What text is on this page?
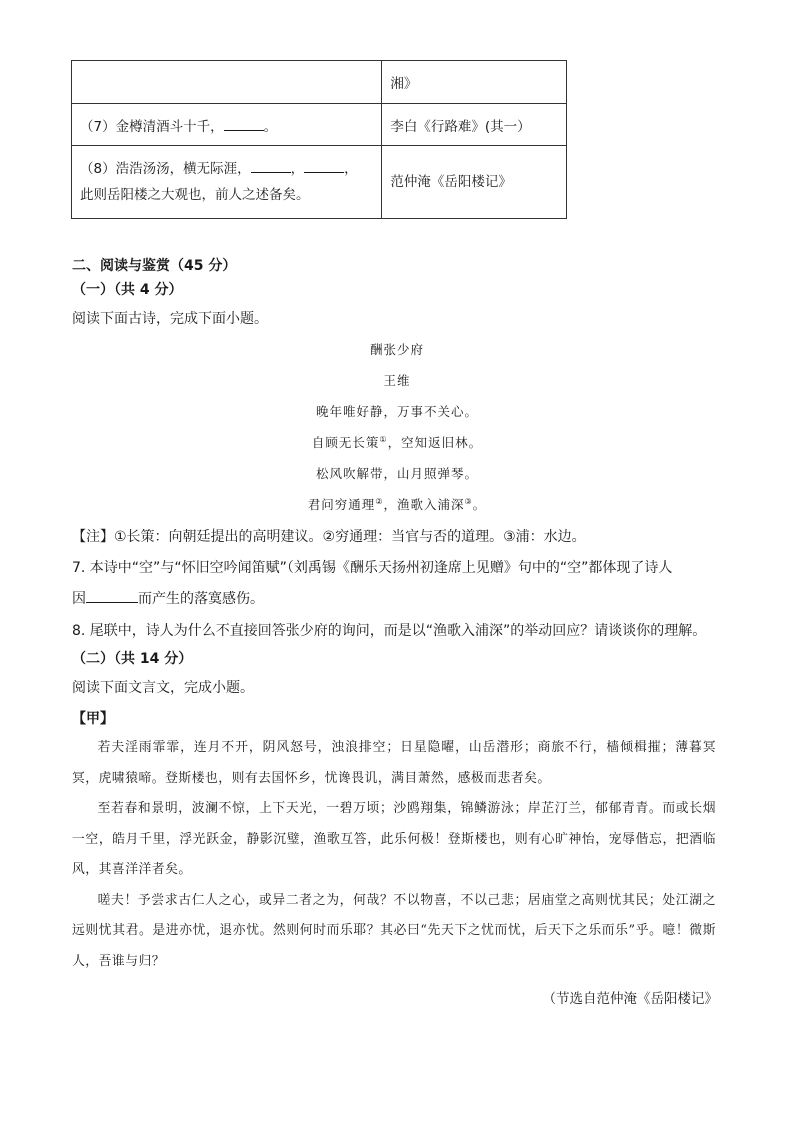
	湘》
（7）金樽清酒斗十千， 。	李白《行路难》(其一）
（8）浩浩汤汤，横无际涯， ， ，
此则岳阳楼之大观也，前人之述备矣。	范仲淹《岳阳楼记》
二、阅读与鉴赏（45 分）
（一）（共 4 分）
阅读下面古诗，完成下面小题。
酬张少府
王维
晚年唯好静，万事不关心。
自顾无长策①，空知返旧林。
松风吹解带，山月照弹琴。
君问穷通理②，渔歌入浦深③。
【注】①长策：向朝廷提出的高明建议。②穷通理：当官与否的道理。③浦：水边。
7. 本诗中“空”与“怀旧空吟闻笛赋”（刘禹锡《酬乐天扬州初逢席上见赠》句中的“空”都体现了诗人
因	而产生的落寞感伤。
8. 尾联中，诗人为什么不直接回答张少府的询问，而是以“渔歌入浦深”的举动回应？请谈谈你的理解。
（二）（共 14 分）
阅读下面文言文，完成小题。
【甲】

若夫淫雨霏霏，连月不开，阴风怒号，浊浪排空；日星隐曜，山岳潜形；商旅不行，樯倾楫摧；薄暮冥冥，虎啸猿啼。登斯楼也，则有去国怀乡，忧谗畏讥，满目萧然，感极而悲者矣。

至若春和景明，波澜不惊，上下天光，一碧万顷；沙鸥翔集，锦鳞游泳；岸芷汀兰，郁郁青青。而或长烟一空，皓月千里，浮光跃金，静影沉璧，渔歌互答，此乐何极！登斯楼也，则有心旷神怡，宠辱偕忘，把酒临风，其喜洋洋者矣。

嗟夫！予尝求古仁人之心，或异二者之为，何哉？不以物喜，不以己悲；居庙堂之高则忧其民；处江湖之远则忧其君。是进亦忧，退亦忧。然则何时而乐耶？其必曰“先天下之忧而忧，后天下之乐而乐”乎。噫！微斯人，吾谁与归？

（节选自范仲淹《岳阳楼记》
